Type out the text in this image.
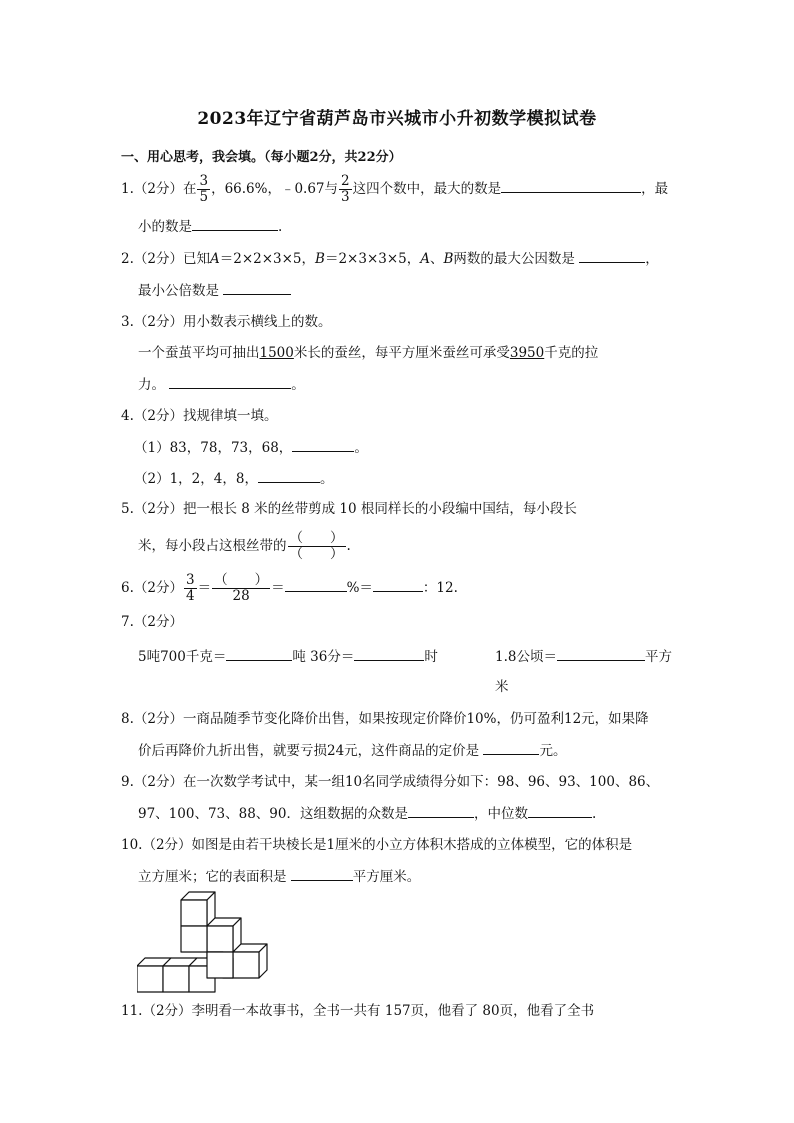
2023年辽宁省葫芦岛市兴城市小升初数学模拟试卷
一、用心思考，我会填。（每小题2分，共22分）
1.（2分）在 $\frac{3}{5}$ ，66.6%，﹣0.67与 $\frac{2}{3}$ 这四个数中，最大的数是	，最
小的数是	.
2.（2分）已知A＝2×2×3×5，B＝2×3×3×5，A、B两数的最大公因数是	，
最小公倍数是
3.（2分）用小数表示横线上的数。
一个蚕茧平均可抽出1500米长的蚕丝，每平方厘米蚕丝可承受3950千克的拉
力。	。
4.（2分）找规律填一填。
（1）83，78，73，68，	。
（2）1，2，4，8，	。
5.（2分）把一根长 8 米的丝带剪成 10 根同样长的小段编中国结，每小段长
米，每小段占这根丝带的 $\frac{( )}{( )}$ .
6.（2分） $\frac{3}{4} = \frac{( )}{28}$ ＝	%＝	：12.
7.（2分）
5吨700千克＝	吨 36分＝	时	1.8公顷＝	平方
米
8.（2分）一商品随季节变化降价出售，如果按现定价降价10%，仍可盈利12元，如果降
价后再降价九折出售，就要亏损24元，这件商品的定价是	元。
9.（2分）在一次数学考试中，某一组10名同学成绩得分如下：98、96、93、100、86、
97、100、73、88、90．这组数据的众数是	，中位数	.
10.（2分）如图是由若干块棱长是1厘米的小立方体积木搭成的立体模型，它的体积是
立方厘米；它的表面积是	平方厘米。
11.（2分）李明看一本故事书，全书一共有 157页，他看了 80页，他看了全书
